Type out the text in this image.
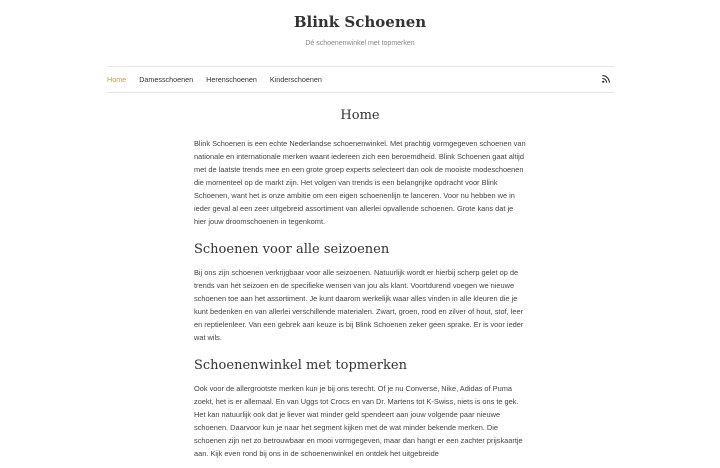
Blink Schoenen

Dé schoenenwinkel met topmerken

Home Damesschoenen Herenschoenen Kinderschoenen
Home

Blink Schoenen is een echte Nederlandse schoenenwinkel. Met prachtig vormgegeven schoenen van nationale en internationale merken waant iedereen zich een beroemdheid. Blink Schoenen gaat altijd met de laatste trends mee en een grote groep experts selecteert dan ook de mooiste modeschoenen die momenteel op de markt zijn. Het volgen van trends is een belangrijke opdracht voor Blink Schoenen, want het is onze ambitie om een eigen schoenenlijn te lanceren. Voor nu hebben we in ieder geval al een zeer uitgebreid assortiment van allerlei opvallende schoenen. Grote kans dat je hier jouw droomschoenen in tegenkomt.

Schoenen voor alle seizoenen

Bij ons zijn schoenen verkrijgbaar voor alle seizoenen. Natuurlijk wordt er hierbij scherp gelet op de trends van het seizoen en de specifieke wensen van jou als klant. Voortdurend voegen we nieuwe schoenen toe aan het assortiment. Je kunt daarom werkelijk waar alles vinden in alle kleuren die je kunt bedenken en van allerlei verschillende materialen. Zwart, groen, rood en zilver of hout, stof, leer en reptielenleer. Van een gebrek aan keuze is bij Blink Schoenen zeker geen sprake. Er is voor ieder wat wils.

Schoenenwinkel met topmerken

Ook voor de allergrootste merken kun je bij ons terecht. Of je nu Converse, Nike, Adidas of Puma zoekt, het is er allemaal. En van Uggs tot Crocs en van Dr. Martens tot K-Swiss, niets is ons te gek. Het kan natuurlijk ook dat je liever wat minder geld spendeert aan jouw volgende paar nieuwe schoenen. Daarvoor kun je naar het segment kijken met de wat minder bekende merken. Die schoenen zijn net zo betrouwbaar en mooi vormgegeven, maar dan hangt er een zachter prijskaartje aan. Kijk even rond bij ons in de schoenenwinkel en ontdek het uitgebreide
